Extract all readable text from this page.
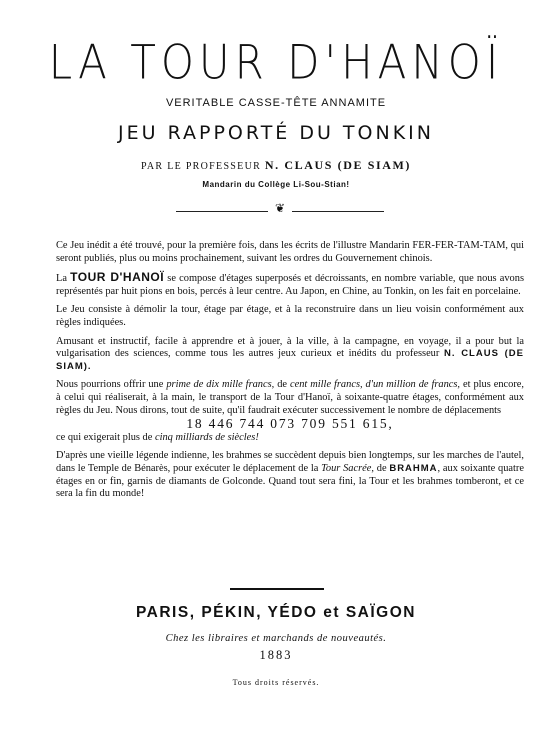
LA TOUR D'HANOÏ
VERITABLE CASSE-TÊTE ANNAMITE
JEU RAPPORTÉ DU TONKIN
PAR LE PROFESSEUR N. CLAUS (DE SIAM)
Mandarin du Collège Li-Sou-Stian!
❦

Ce Jeu inédit a été trouvé, pour la première fois, dans les écrits de l'illustre Mandarin FER-FER-TAM-TAM, qui seront publiés, plus ou moins prochainement, suivant les ordres du Gouvernement chinois.

La TOUR D'HANOÏ se compose d'étages superposés et décroissants, en nombre variable, que nous avons représentés par huit pions en bois, percés à leur centre. Au Japon, en Chine, au Tonkin, on les fait en porcelaine.

Le Jeu consiste à démolir la tour, étage par étage, et à la reconstruire dans un lieu voisin conformément aux règles indiquées.

Amusant et instructif, facile à apprendre et à jouer, à la ville, à la campagne, en voyage, il a pour but la vulgarisation des sciences, comme tous les autres jeux curieux et inédits du professeur N. CLAUS (DE SIAM).

Nous pourrions offrir une prime de dix mille francs, de cent mille francs, d'un million de francs, et plus encore, à celui qui réaliserait, à la main, le transport de la Tour d'Hanoï, à soixante-quatre étages, conformément aux règles du Jeu. Nous dirons, tout de suite, qu'il faudrait exécuter successivement le nombre de déplacements
18 446 744 073 709 551 615,
ce qui exigerait plus de cinq milliards de siècles!

D'après une vieille légende indienne, les brahmes se succèdent depuis bien longtemps, sur les marches de l'autel, dans le Temple de Bénarès, pour exécuter le déplacement de la Tour Sacrée, de BRAHMA, aux soixante quatre étages en or fin, garnis de diamants de Golconde. Quand tout sera fini, la Tour et les brahmes tomberont, et ce sera la fin du monde!

PARIS, PÉKIN, YÉDO et SAÏGON
Chez les libraires et marchands de nouveautés.
1883
Tous droits réservés.
